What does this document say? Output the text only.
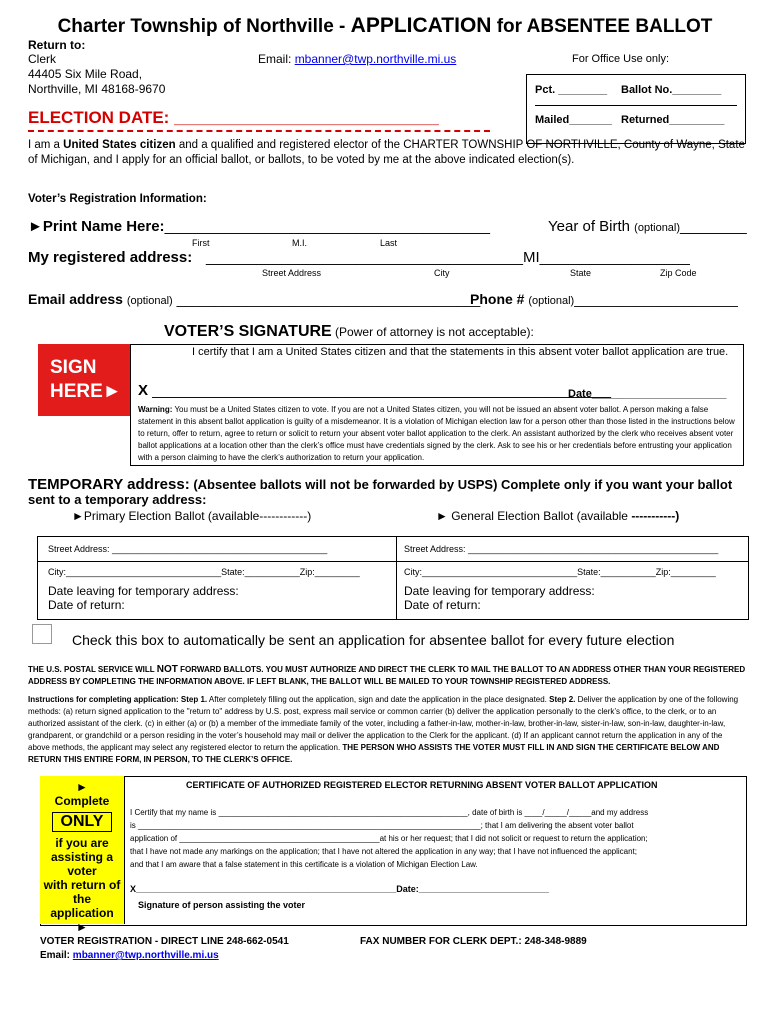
Charter Township of Northville - APPLICATION for ABSENTEE BALLOT
Return to:
Clerk
44405 Six Mile Road,
Northville, MI 48168-9670
Email: mbanner@twp.northville.mi.us	For Office Use only:
Pct. ________ Ballot No.________
Mailed_______ Returned_________
ELECTION DATE: ____________________________
I am a United States citizen and a qualified and registered elector of the CHARTER TOWNSHIP OF NORTHVILLE, County of Wayne, State of Michigan, and I apply for an official ballot, or ballots, to be voted by me at the above indicated election(s).
Voter’s Registration Information:
►Print Name Here:_______________________________________	Year of Birth (optional)________
First	M.I.	Last
My registered address: ______________________________________MI__________________
Street Address	City	State	Zip Code
Email address (optional) _______________________________________
Phone # (optional)_____________________
VOTER’S SIGNATURE (Power of attorney is not acceptable):
I certify that I am a United States citizen and that the statements in this absent voter ballot application are true.
SIGN
HERE►	X _______________________________________________________
Date______________________
Warning: You must be a United States citizen to vote. If you are not a United States citizen, you will not be issued an absent voter ballot. A person making a false statement in this absent ballot application is guilty of a misdemeanor. It is a violation of Michigan election law for a person other than those listed in the instructions below to return, offer to return, agree to return or solicit to return your absent voter ballot application to the clerk. An assistant authorized by the clerk who receives absent voter ballot applications at a location other than the clerk’s office must have credentials signed by the clerk. Ask to see his or her credentials before entrusting your application with a person claiming to have the clerk’s authorization to return your application.
TEMPORARY address: (Absentee ballots will not be forwarded by USPS) Complete only if you want your ballot sent to a temporary address:
►Primary Election Ballot (available------------)	► General Election Ballot (available -----------)
Street Address: ___________________________________________	Street Address: __________________________________________________
City:_______________________________State:___________Zip:_________	City:_______________________________State:___________Zip:_________
Date leaving for temporary address:
Date of return:
Date leaving for temporary address:
Date of return:
Check this box to automatically be sent an application for absentee ballot for every future election
THE U.S. POSTAL SERVICE WILL NOT FORWARD BALLOTS. YOU MUST AUTHORIZE AND DIRECT THE CLERK TO MAIL THE BALLOT TO AN ADDRESS OTHER THAN YOUR REGISTERED ADDRESS BY COMPLETING THE INFORMATION ABOVE. IF LEFT BLANK, THE BALLOT WILL BE MAILED TO YOUR TOWNSHIP REGISTERED ADDRESS.
Instructions for completing application: Step 1. After completely filling out the application, sign and date the application in the place designated. Step 2. Deliver the application by one of the following methods: (a) return signed application to the "return to" address by U.S. post, express mail service or common carrier (b) deliver the application personally to the clerk’s office, to the clerk, or to an authorized assistant of the clerk. (c) in either (a) or (b) a member of the immediate family of the voter, including a father-in-law, mother-in-law, brother-in-law, sister-in-law, son-in-law, daughter-in-law, grandparent, or grandchild or a person residing in the voter’s household may mail or deliver the application to the Clerk for the applicant. (d) If an applicant cannot return the application in any of the above methods, the applicant may select any registered elector to return the application. THE PERSON WHO ASSISTS THE VOTER MUST FILL IN AND SIGN THE CERTIFICATE BELOW AND RETURN THIS ENTIRE FORM, IN PERSON, TO THE CLERK’S OFFICE.
►
Complete
ONLY
if you are
assisting a voter
with return of
the application
►
CERTIFICATE OF AUTHORIZED REGISTERED ELECTOR RETURNING ABSENT VOTER BALLOT APPLICATION
I Certify that my name is ________________________________________________________, date of birth is ____/_____/_____and my address
is _____________________________________________________________________________; that I am delivering the absent voter ballot
application of _____________________________________________at his or her request; that I did not solicit or request to return the application;
that I have not made any markings on the application; that I have not altered the application in any way; that I have not influenced the applicant;
and that I am aware that a false statement in this certificate is a violation of Michigan Election Law.
X____________________________________________________Date:__________________________
Signature of person assisting the voter
VOTER REGISTRATION - DIRECT LINE 248-662-0541	FAX NUMBER FOR CLERK DEPT.: 248-348-9889
Email: mbanner@twp.northville.mi.us
